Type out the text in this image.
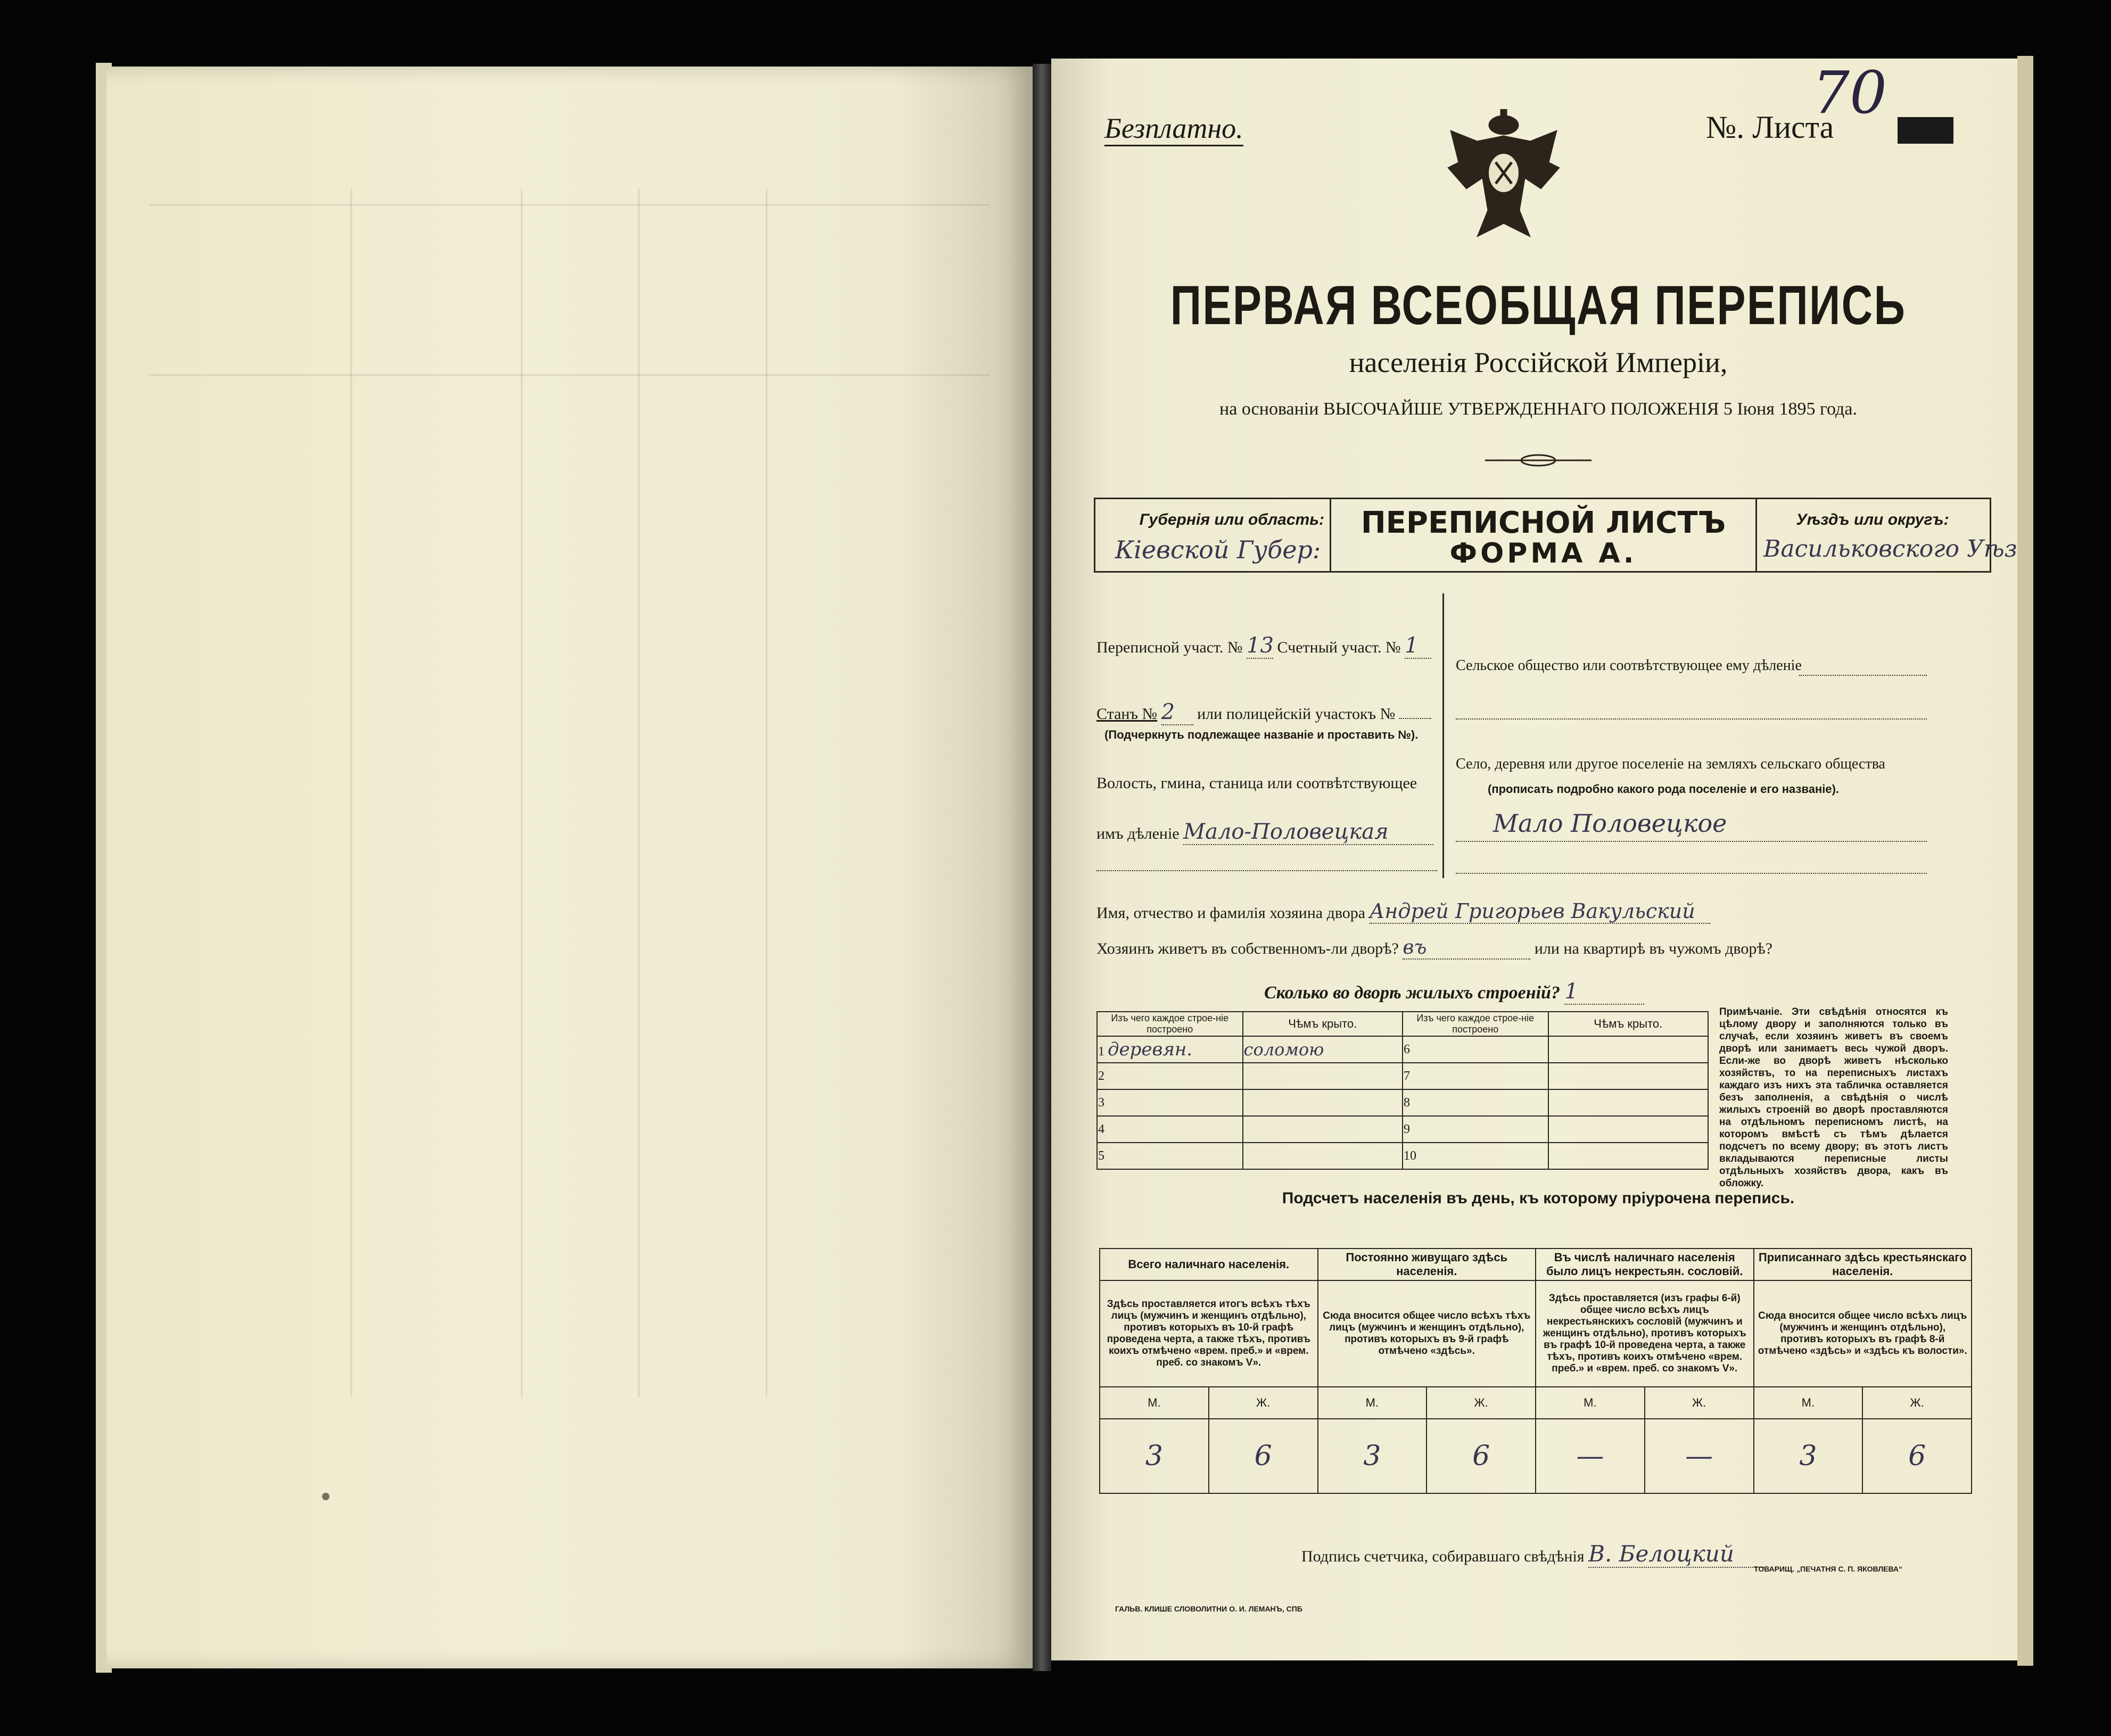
Безплатно.	№. Листа
70
ПЕРВАЯ ВСЕОБЩАЯ ПЕРЕПИСЬ
населенія Россійской Имперіи,
на основаніи ВЫСОЧАЙШЕ УТВЕРЖДЕННАГО ПОЛОЖЕНІЯ 5 Іюня 1895 года.
Губернія или область:
Кіевской Губер:
ПЕРЕПИСНОЙ ЛИСТЪ
ФОРМА А.
Уѣздъ или округъ:
Васильковского Уѣз
Переписной участ. № 13 Счетный участ. № 1
Станъ № 2 или полицейскій участокъ №
(Подчеркнуть подлежащее названіе и проставить №).
Волость, гмина, станица или соотвѣтствующее
имъ дѣленіе Мало-Половецкая
Сельское общество или соотвѣтствующее ему дѣленіе
Село, деревня или другое поселеніе на земляхъ сельскаго общества
(прописать подробно какого рода поселеніе и его названіе).
Мало Половецкое
Имя, отчество и фамилія хозяина двора Андрей Григорьев Вакульский
Хозяинъ живетъ въ собственномъ-ли дворѣ? въ	или на квартирѣ въ чужомъ дворѣ?
Сколько во дворѣ жилыхъ строеній? 1
Изъ чего каждое строе-ніе построено	Чѣмъ крыто.	Изъ чего каждое строе-ніе построено	Чѣмъ крыто.
1 деревян.	соломою	6	
2		7	
3		8	
4		9	
5		10	
Примѣчаніе. Эти свѣдѣнія относятся къ цѣлому двору и заполняются только въ случаѣ, если хозяинъ живетъ въ своемъ дворѣ или занимаетъ весь чужой дворъ. Если-же во дворѣ живетъ нѣсколько хозяйствъ, то на переписныхъ листахъ каждаго изъ нихъ эта табличка оставляется безъ заполненія, а свѣдѣнія о числѣ жилыхъ строеній во дворѣ проставляются на отдѣльномъ переписномъ листѣ, на которомъ вмѣстѣ съ тѣмъ дѣлается подсчетъ по всему двору; въ этотъ листъ вкладываются переписные листы отдѣльныхъ хозяйствъ двора, какъ въ обложку.
Подсчетъ населенія въ день, къ которому пріурочена перепись.
Всего наличнаго населенія.		Постоянно живущаго здѣсь населенія.		Въ числѣ наличнаго населенія было лицъ некрестьян. сословій.		Приписаннаго здѣсь крестьянскаго населенія.	
Здѣсь проставляется итогъ всѣхъ тѣхъ лицъ (мужчинъ и женщинъ отдѣльно), противъ которыхъ въ 10-й графѣ проведена черта, а также тѣхъ, противъ коихъ отмѣчено «врем. преб.» и «врем. преб. со знакомъ V».		Сюда вносится общее число всѣхъ тѣхъ лицъ (мужчинъ и женщинъ отдѣльно), противъ которыхъ въ 9-й графѣ отмѣчено «здѣсь».		Здѣсь проставляется (изъ графы 6-й) общее число всѣхъ лицъ некрестьянскихъ сословій (мужчинъ и женщинъ отдѣльно), противъ которыхъ въ графѣ 10-й проведена черта, а также тѣхъ, противъ коихъ отмѣчено «врем. преб.» и «врем. преб. со знакомъ V».		Сюда вносится общее число всѣхъ лицъ (мужчинъ и женщинъ отдѣльно), противъ которыхъ въ графѣ 8-й отмѣчено «здѣсь» и «здѣсь къ волости».	
М.	Ж.	М.	Ж.	М.	Ж.	М.	Ж.
3	6	3	6	—	—	3	6
Подпись счетчика, собиравшаго свѣдѣнія В. Белоцкий
ГАЛЬВ. КЛИШЕ СЛОВОЛИТНИ О. И. ЛЕМАНЪ, СПБ
ТОВАРИЩ. „ПЕЧАТНЯ С. П. ЯКОВЛЕВА“
